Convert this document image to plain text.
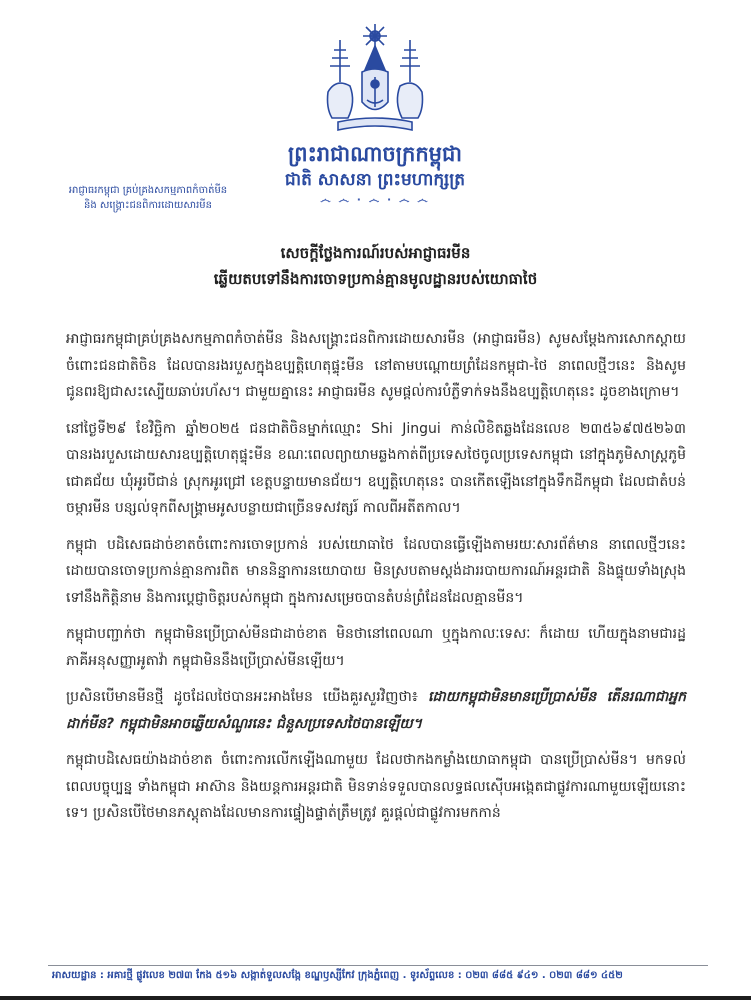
ព្រះរាជាណាចក្រកម្ពុជា
ជាតិ សាសនា ព្រះមហាក្សត្រ
෴ ෴ · ෴ · ෴ ෴
អាជ្ញាធរកម្ពុជា គ្រប់គ្រងសកម្មភាពកំចាត់មីន
និង សង្គ្រោះជនពិការដោយសារមីន
សេចក្តីថ្លែងការណ៍របស់អាជ្ញាធរមីន
ឆ្លើយតបទៅនឹងការចោទប្រកាន់គ្មានមូលដ្ឋានរបស់យោធាថៃ

អាជ្ញាធរកម្ពុជាគ្រប់គ្រងសកម្មភាពកំចាត់មីន និងសង្គ្រោះជនពិការដោយសារមីន (អាជ្ញាធរមីន) សូមសម្តែងការសោកស្តាយចំពោះជនជាតិចិន ដែលបានរងរបួសក្នុងឧប្បត្តិហេតុផ្ទុះមីន នៅតាមបណ្តោយព្រំដែនកម្ពុជា-ថៃ នាពេលថ្មីៗនេះ និងសូមជូនពរឱ្យជាសះស្បើយឆាប់រហ័ស។ ជាមួយគ្នានេះ អាជ្ញាធរមីន សូមផ្តល់ការបំភ្លឺទាក់ទងនឹងឧប្បត្តិហេតុនេះ ដូចខាងក្រោម។

នៅថ្ងៃទី២៩ ខែវិច្ឆិកា ឆ្នាំ២០២៥ ជនជាតិចិនម្នាក់ឈ្មោះ Shi Jingui កាន់លិខិតឆ្លងដែនលេខ ២៣៥៦៩៧៥២៦៣ បានរងរបួសដោយសារឧប្បត្តិហេតុផ្ទុះមីន ខណៈពេលព្យាយាមឆ្លងកាត់ពីប្រទេសថៃចូលប្រទេសកម្ពុជា នៅក្នុងភូមិសាស្ត្រភូមិជោគជ័យ ឃុំអូរបីជាន់ ស្រុកអូរជ្រៅ ខេត្តបន្ទាយមានជ័យ។ ឧប្បត្តិហេតុនេះ បានកើតឡើងនៅក្នុងទឹកដីកម្ពុជា ដែលជាតំបន់ចម្ការមីន បន្សល់ទុកពីសង្គ្រាមអូសបន្លាយជាច្រើនទសវត្សរ៍ កាលពីអតីតកាល។

កម្ពុជា បដិសេធដាច់ខាតចំពោះការចោទប្រកាន់ របស់យោធាថៃ ដែលបានធ្វើឡើងតាមរយៈសារព័ត៌មាន នាពេលថ្មីៗនេះ ដោយបានចោទប្រកាន់គ្មានការពិត មាននិន្នាការនយោបាយ មិនស្របតាមស្តង់ដាររបាយការណ៍អន្តរជាតិ និងផ្ទុយទាំងស្រុងទៅនឹងកិត្តិនាម និងការប្តេជ្ញាចិត្តរបស់កម្ពុជា ក្នុងការសម្រេចបានតំបន់ព្រំដែនដែលគ្មានមីន។

កម្ពុជាបញ្ជាក់ថា កម្ពុជាមិនប្រើប្រាស់មីនជាដាច់ខាត មិនថានៅពេលណា ឬក្នុងកាលៈទេសៈ ក៏ដោយ ហើយក្នុងនាមជារដ្ឋភាគីអនុសញ្ញាអូតាវ៉ា កម្ពុជាមិននឹងប្រើប្រាស់មីនឡើយ។

ប្រសិនបើមានមីនថ្មី ដូចដែលថៃបានអះអាងមែន យើងគួរសួរវិញថា៖ ដោយកម្ពុជាមិនមានប្រើប្រាស់មីន តើនរណាជាអ្នកដាក់មីន? កម្ពុជាមិនអាចឆ្លើយសំណួរនេះ ជំនួសប្រទេសថៃបានឡើយ។

កម្ពុជាបដិសេធយ៉ាងដាច់ខាត ចំពោះការលើកឡើងណាមួយ ដែលថាកងកម្លាំងយោធាកម្ពុជា បានប្រើប្រាស់មីន។ មកទល់ពេលបច្ចុប្បន្ន ទាំងកម្ពុជា អាស៊ាន និងយន្តការអន្តរជាតិ មិនទាន់ទទួលបានលទ្ធផលស៊ើបអង្កេតជាផ្លូវការណាមួយឡើយនោះទេ។ ប្រសិនបើថៃមានភស្តុតាងដែលមានការផ្ទៀងផ្ទាត់ត្រឹមត្រូវ គួរផ្តល់ជាផ្លូវការមកកាន់

អាសយដ្ឋាន : អគារថ្មី ផ្លូវលេខ ២៧៣ កែង ៥១៦ សង្កាត់ទួលសង្កែ ខណ្ឌឫស្សីកែវ ក្រុងភ្នំពេញ . ទូរស័ព្ទលេខ : ០២៣ ៨៨៥ ៩៤១ . ០២៣ ៨៨១ ៤៥២
